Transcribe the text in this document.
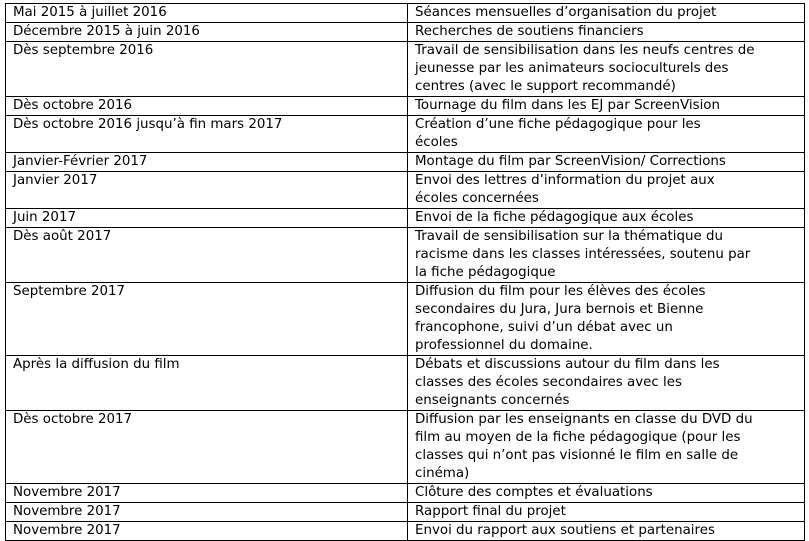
Mai 2015 à juillet 2016	Séances mensuelles d’organisation du projet
Décembre 2015 à juin 2016	Recherches de soutiens financiers
Dès septembre 2016	Travail de sensibilisation dans les neufs centres de
jeunesse par les animateurs socioculturels des
centres (avec le support recommandé)
Dès octobre 2016	Tournage du film dans les EJ par ScreenVision
Dès octobre 2016 jusqu’à fin mars 2017	Création d’une fiche pédagogique pour les
écoles
Janvier-Février 2017	Montage du film par ScreenVision/ Corrections
Janvier 2017	Envoi des lettres d’information du projet aux
écoles concernées
Juin 2017	Envoi de la fiche pédagogique aux écoles
Dès août 2017	Travail de sensibilisation sur la thématique du
racisme dans les classes intéressées, soutenu par
la fiche pédagogique
Septembre 2017	Diffusion du film pour les élèves des écoles
secondaires du Jura, Jura bernois et Bienne
francophone, suivi d’un débat avec un
professionnel du domaine.
Après la diffusion du film	Débats et discussions autour du film dans les
classes des écoles secondaires avec les
enseignants concernés
Dès octobre 2017	Diffusion par les enseignants en classe du DVD du
film au moyen de la fiche pédagogique (pour les
classes qui n’ont pas visionné le film en salle de
cinéma)
Novembre 2017	Clôture des comptes et évaluations
Novembre 2017	Rapport final du projet
Novembre 2017	Envoi du rapport aux soutiens et partenaires
